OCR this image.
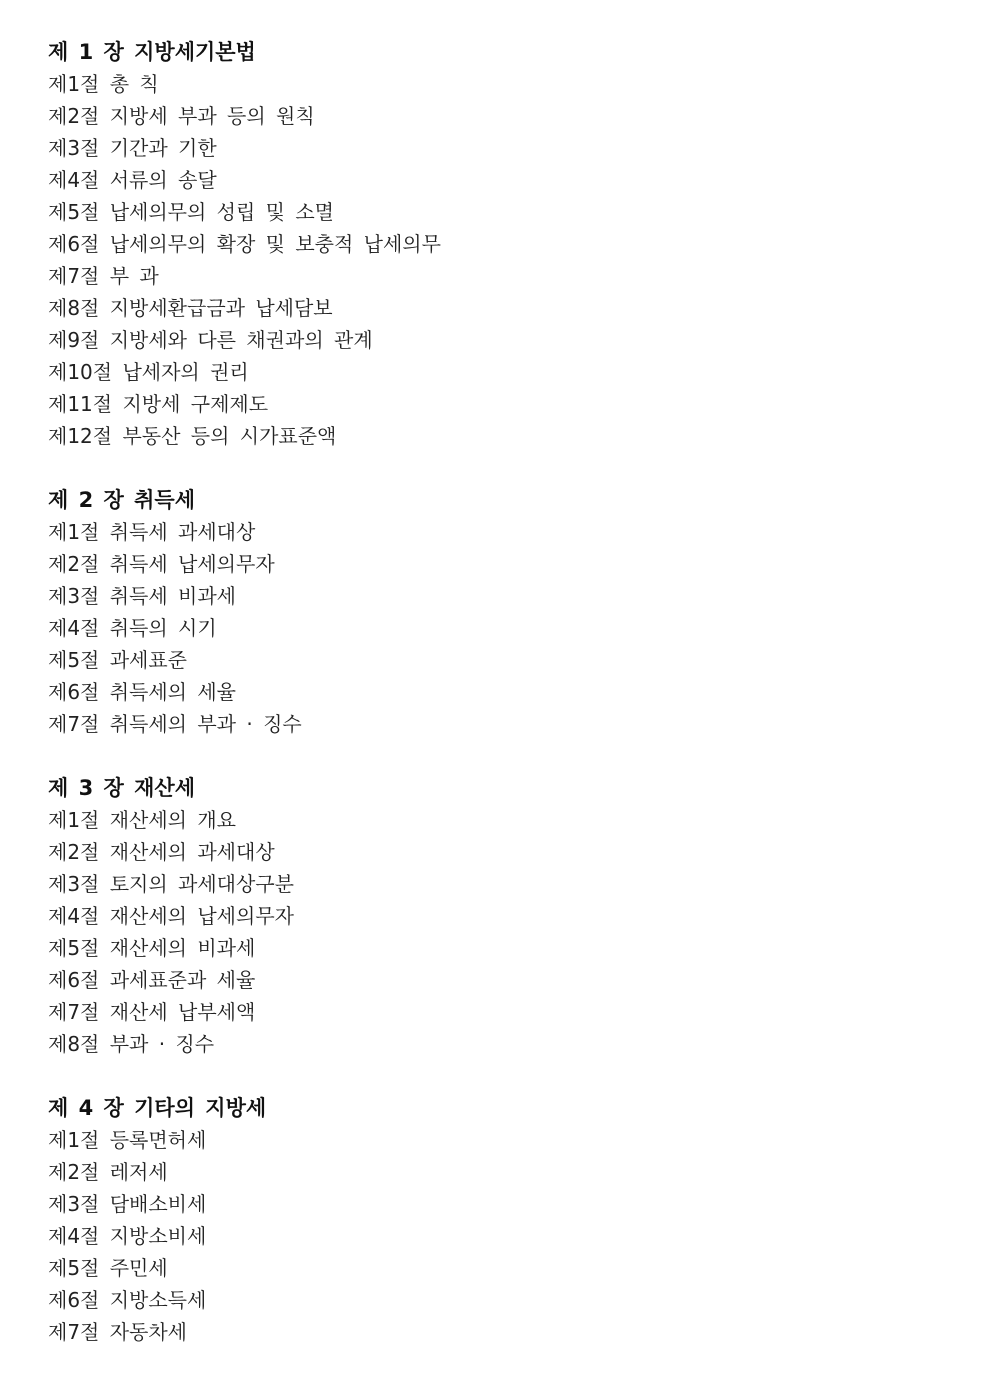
제 1 장 지방세기본법
제1절 총 칙
제2절 지방세 부과 등의 원칙
제3절 기간과 기한
제4절 서류의 송달
제5절 납세의무의 성립 및 소멸
제6절 납세의무의 확장 및 보충적 납세의무
제7절 부 과
제8절 지방세환급금과 납세담보
제9절 지방세와 다른 채권과의 관계
제10절 납세자의 권리
제11절 지방세 구제제도
제12절 부동산 등의 시가표준액
제 2 장 취득세
제1절 취득세 과세대상
제2절 취득세 납세의무자
제3절 취득세 비과세
제4절 취득의 시기
제5절 과세표준
제6절 취득세의 세율
제7절 취득세의 부과 · 징수
제 3 장 재산세
제1절 재산세의 개요
제2절 재산세의 과세대상
제3절 토지의 과세대상구분
제4절 재산세의 납세의무자
제5절 재산세의 비과세
제6절 과세표준과 세율
제7절 재산세 납부세액
제8절 부과 · 징수
제 4 장 기타의 지방세
제1절 등록면허세
제2절 레저세
제3절 담배소비세
제4절 지방소비세
제5절 주민세
제6절 지방소득세
제7절 자동차세
